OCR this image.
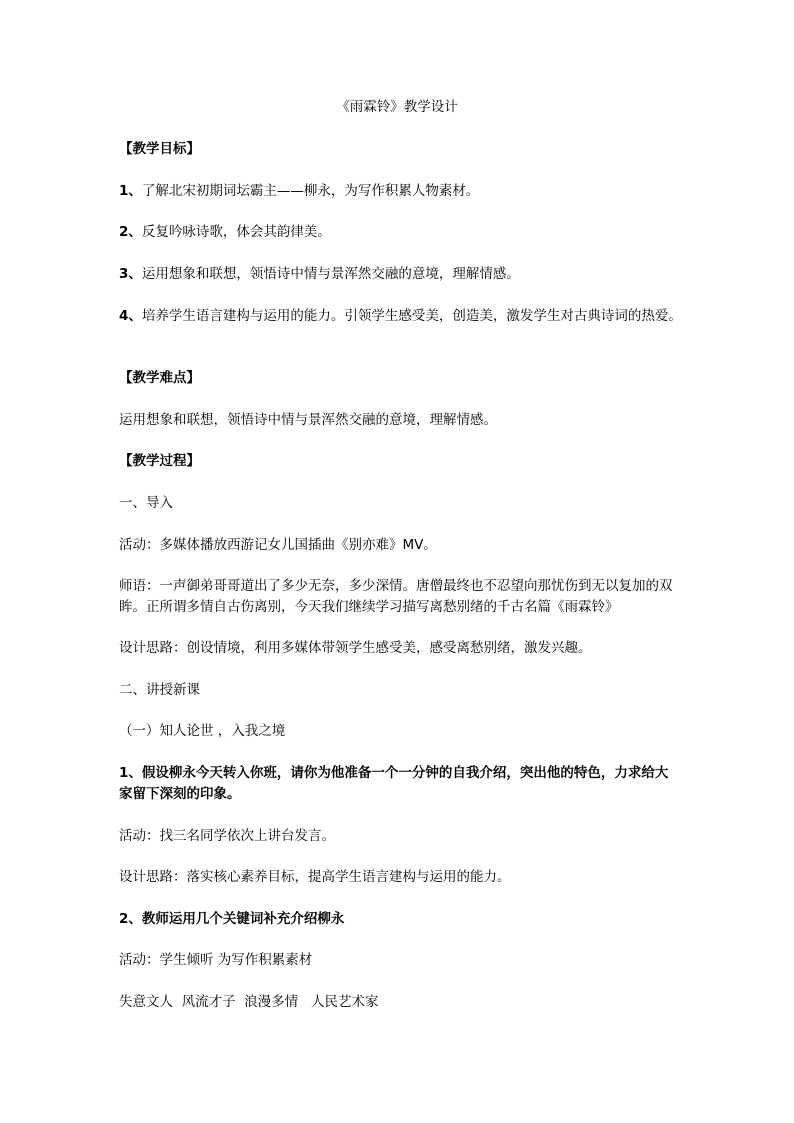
《雨霖铃》教学设计
【教学目标】
1、了解北宋初期词坛霸主——柳永，为写作积累人物素材。
2、反复吟咏诗歌，体会其韵律美。
3、运用想象和联想，领悟诗中情与景浑然交融的意境，理解情感。
4、培养学生语言建构与运用的能力。引领学生感受美，创造美，激发学生对古典诗词的热爱。
【教学难点】
运用想象和联想，领悟诗中情与景浑然交融的意境，理解情感。
【教学过程】
一、导入
活动：多媒体播放西游记女儿国插曲《别亦难》MV。
师语：一声御弟哥哥道出了多少无奈，多少深情。唐僧最终也不忍望向那忧伤到无以复加的双眸。正所谓多情自古伤离别，今天我们继续学习描写离愁别绪的千古名篇《雨霖铃》
设计思路：创设情境，利用多媒体带领学生感受美，感受离愁别绪，激发兴趣。
二、讲授新课
（一）知人论世 ，入我之境
1、假设柳永今天转入你班，请你为他准备一个一分钟的自我介绍，突出他的特色，力求给大家留下深刻的印象。
活动：找三名同学依次上讲台发言。
设计思路：落实核心素养目标，提高学生语言建构与运用的能力。
2、教师运用几个关键词补充介绍柳永
活动：学生倾听 为写作积累素材
失意文人  风流才子  浪漫多情   人民艺术家
